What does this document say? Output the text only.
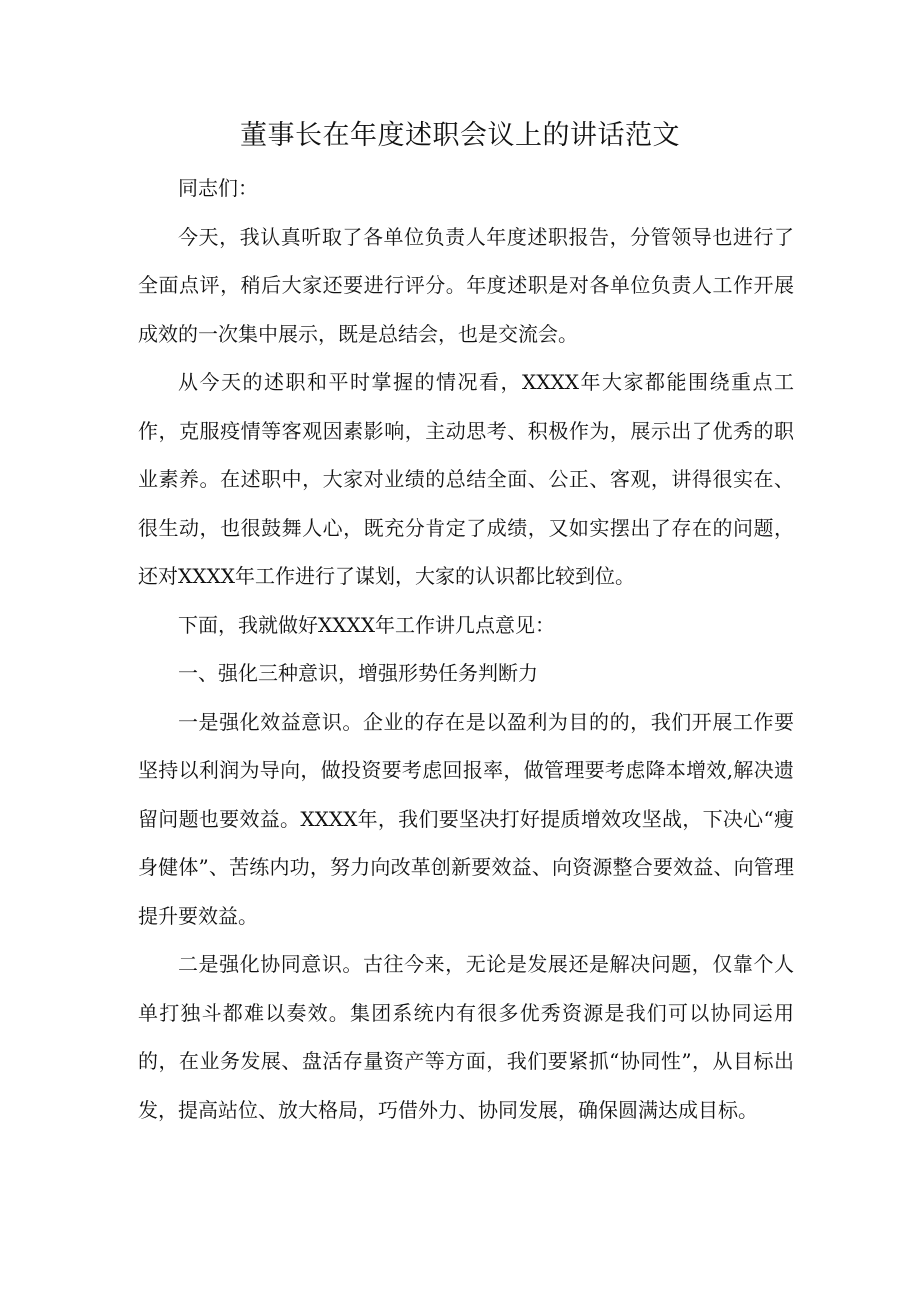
董事长在年度述职会议上的讲话范文

同志们：

今天，我认真听取了各单位负责人年度述职报告，分管领导也进行了全面点评，稍后大家还要进行评分。年度述职是对各单位负责人工作开展成效的一次集中展示，既是总结会，也是交流会。

从今天的述职和平时掌握的情况看，XXXX年大家都能围绕重点工作，克服疫情等客观因素影响，主动思考、积极作为，展示出了优秀的职业素养。在述职中，大家对业绩的总结全面、公正、客观，讲得很实在、很生动，也很鼓舞人心，既充分肯定了成绩，又如实摆出了存在的问题，还对XXXX年工作进行了谋划，大家的认识都比较到位。

下面，我就做好XXXX年工作讲几点意见：

一、强化三种意识，增强形势任务判断力

一是强化效益意识。企业的存在是以盈利为目的的，我们开展工作要坚持以利润为导向，做投资要考虑回报率，做管理要考虑降本增效,解决遗留问题也要效益。XXXX年，我们要坚决打好提质增效攻坚战，下决心“瘦身健体”、苦练内功，努力向改革创新要效益、向资源整合要效益、向管理提升要效益。

二是强化协同意识。古往今来，无论是发展还是解决问题，仅靠个人单打独斗都难以奏效。集团系统内有很多优秀资源是我们可以协同运用的，在业务发展、盘活存量资产等方面，我们要紧抓“协同性”，从目标出发，提高站位、放大格局，巧借外力、协同发展，确保圆满达成目标。
